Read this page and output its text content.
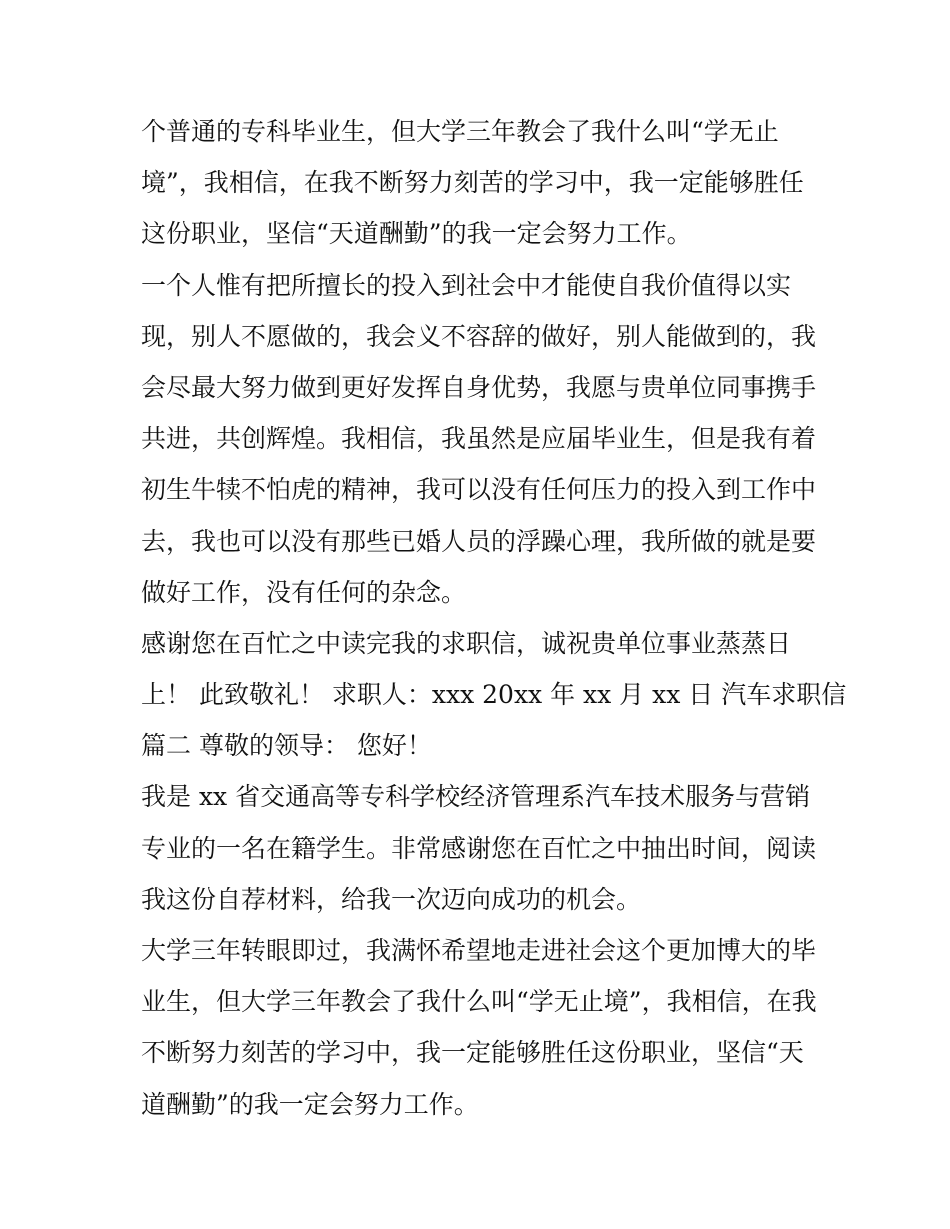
个普通的专科毕业生，但大学三年教会了我什么叫“学无止
境”，我相信，在我不断努力刻苦的学习中，我一定能够胜任
这份职业，坚信“天道酬勤”的我一定会努力工作。
一个人惟有把所擅长的投入到社会中才能使自我价值得以实
现，别人不愿做的，我会义不容辞的做好，别人能做到的，我
会尽最大努力做到更好发挥自身优势，我愿与贵单位同事携手
共进，共创辉煌。我相信，我虽然是应届毕业生，但是我有着
初生牛犊不怕虎的精神，我可以没有任何压力的投入到工作中
去，我也可以没有那些已婚人员的浮躁心理，我所做的就是要
做好工作，没有任何的杂念。
感谢您在百忙之中读完我的求职信，诚祝贵单位事业蒸蒸日
上！ 此致敬礼！ 求职人：xxx 20xx 年 xx 月 xx 日 汽车求职信
篇二 尊敬的领导： 您好！
我是 xx 省交通高等专科学校经济管理系汽车技术服务与营销
专业的一名在籍学生。非常感谢您在百忙之中抽出时间，阅读
我这份自荐材料，给我一次迈向成功的机会。
大学三年转眼即过，我满怀希望地走进社会这个更加博大的毕
业生，但大学三年教会了我什么叫“学无止境”，我相信，在我
不断努力刻苦的学习中，我一定能够胜任这份职业，坚信“天
道酬勤”的我一定会努力工作。
